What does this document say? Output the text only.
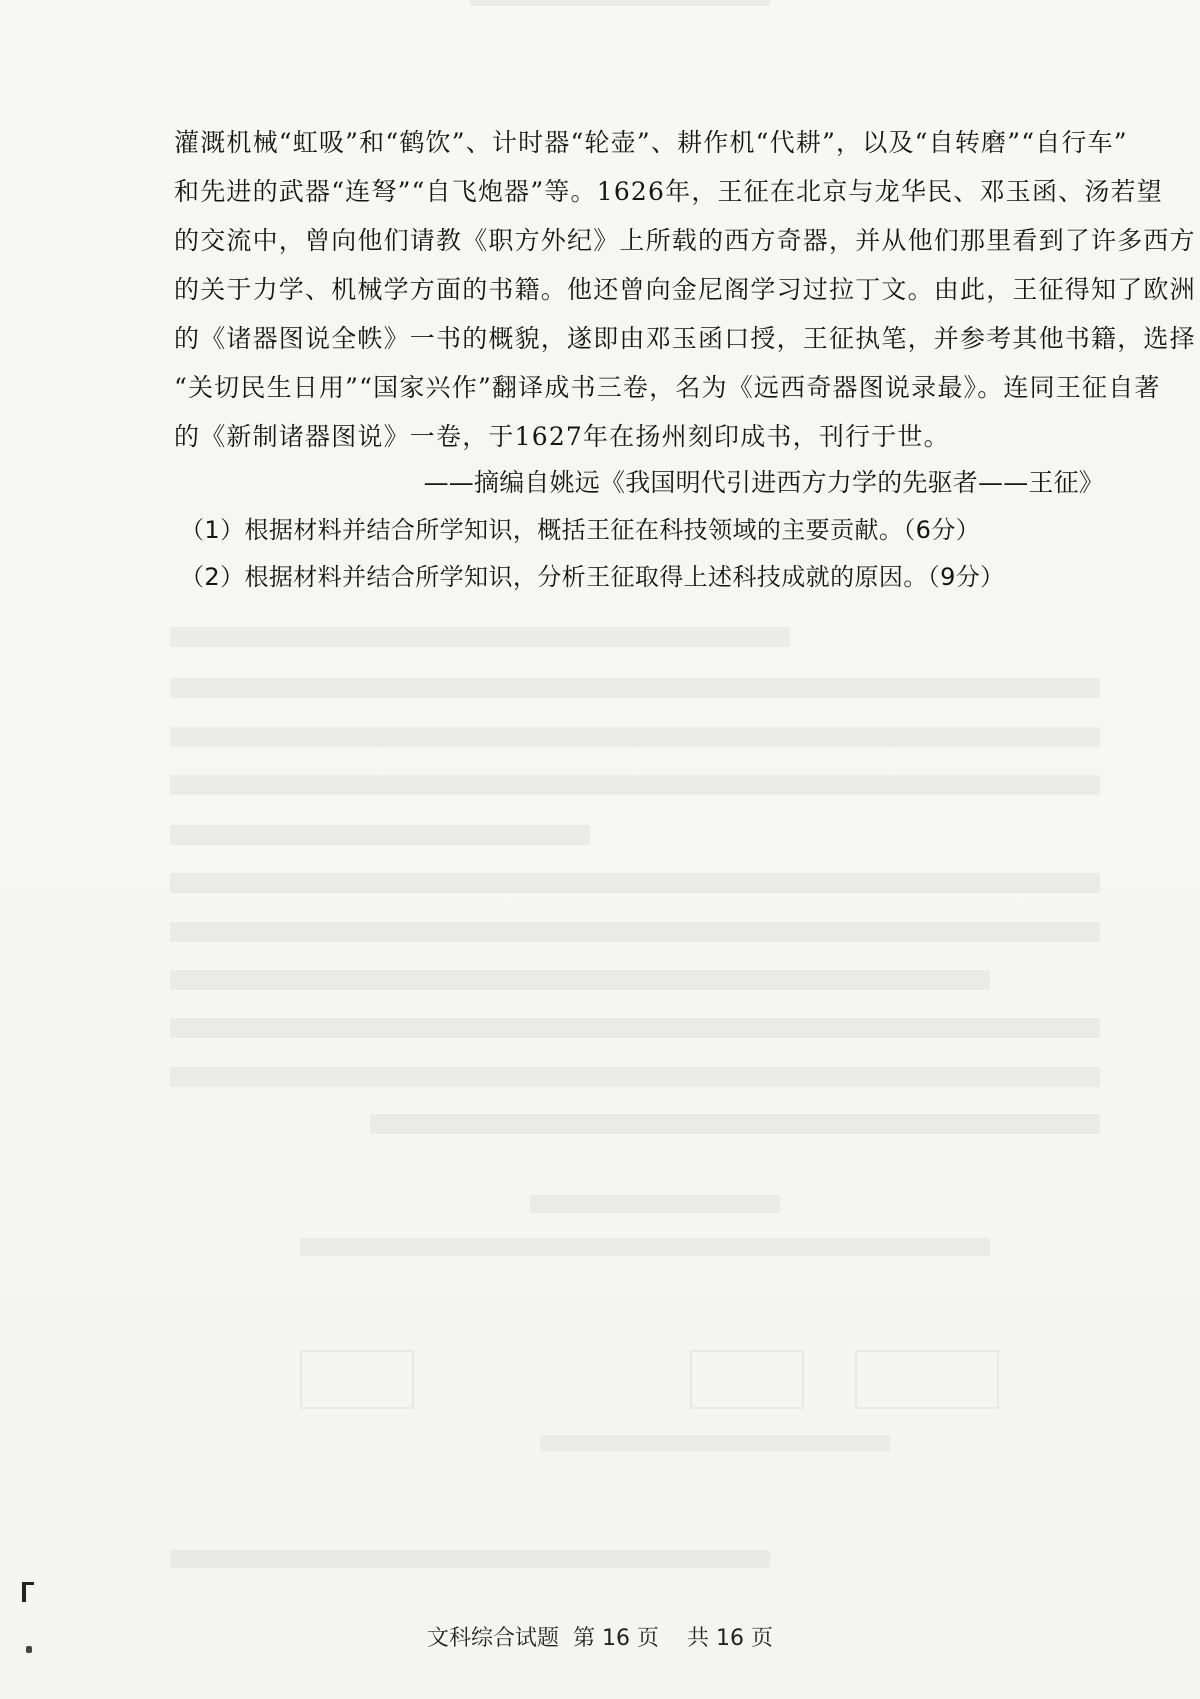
灌溉机械“虹吸”和“鹤饮”、计时器“轮壶”、耕作机“代耕”，以及“自转磨”“自行车”
和先进的武器“连弩”“自飞炮器”等。1626年，王征在北京与龙华民、邓玉函、汤若望
的交流中，曾向他们请教《职方外纪》上所载的西方奇器，并从他们那里看到了许多西方
的关于力学、机械学方面的书籍。他还曾向金尼阁学习过拉丁文。由此，王征得知了欧洲
的《诸器图说全帙》一书的概貌，遂即由邓玉函口授，王征执笔，并参考其他书籍，选择
“关切民生日用”“国家兴作”翻译成书三卷，名为《远西奇器图说录最》。连同王征自著
的《新制诸器图说》一卷，于1627年在扬州刻印成书，刊行于世。
——摘编自姚远《我国明代引进西方力学的先驱者——王征》
（1）根据材料并结合所学知识，概括王征在科技领域的主要贡献。（6分）
（2）根据材料并结合所学知识，分析王征取得上述科技成就的原因。（9分）
文科综合试题  第 16 页    共 16 页
